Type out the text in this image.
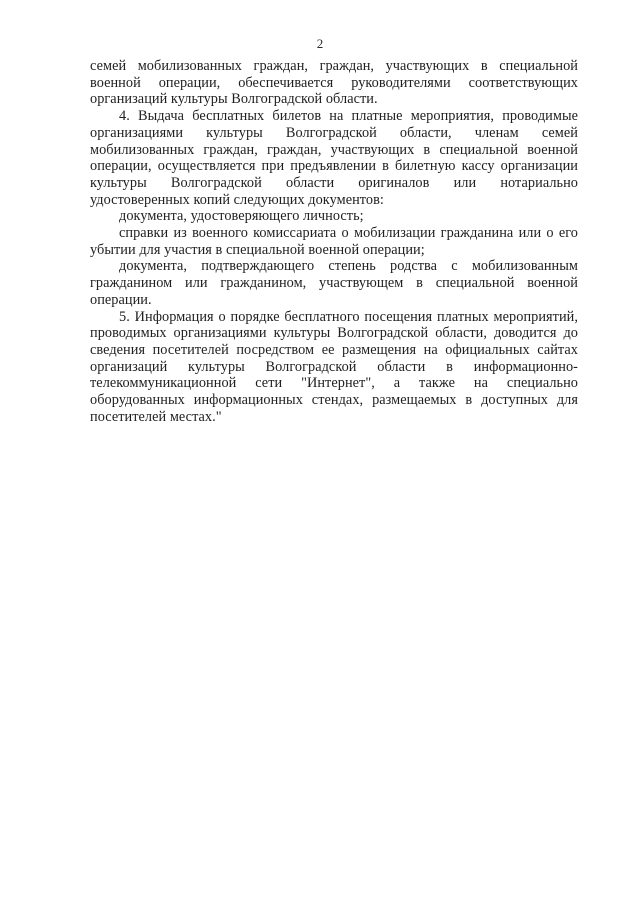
2

семей мобилизованных граждан, граждан, участвующих в специальной военной операции, обеспечивается руководителями соответствующих организаций культуры Волгоградской области.

4. Выдача бесплатных билетов на платные мероприятия, проводимые организациями культуры Волгоградской области, членам семей мобилизованных граждан, граждан, участвующих в специальной военной операции, осуществляется при предъявлении в билетную кассу организации культуры Волгоградской области оригиналов или нотариально удостоверенных копий следующих документов:

документа, удостоверяющего личность;

справки из военного комиссариата о мобилизации гражданина или о его убытии для участия в специальной военной операции;

документа, подтверждающего степень родства с мобилизованным гражданином или гражданином, участвующем в специальной военной операции.

5. Информация о порядке бесплатного посещения платных мероприятий, проводимых организациями культуры Волгоградской области, доводится до сведения посетителей посредством ее размещения на официальных сайтах организаций культуры Волгоградской области в информационно-телекоммуникационной сети "Интернет", а также на специально оборудованных информационных стендах, размещаемых в доступных для посетителей местах."
